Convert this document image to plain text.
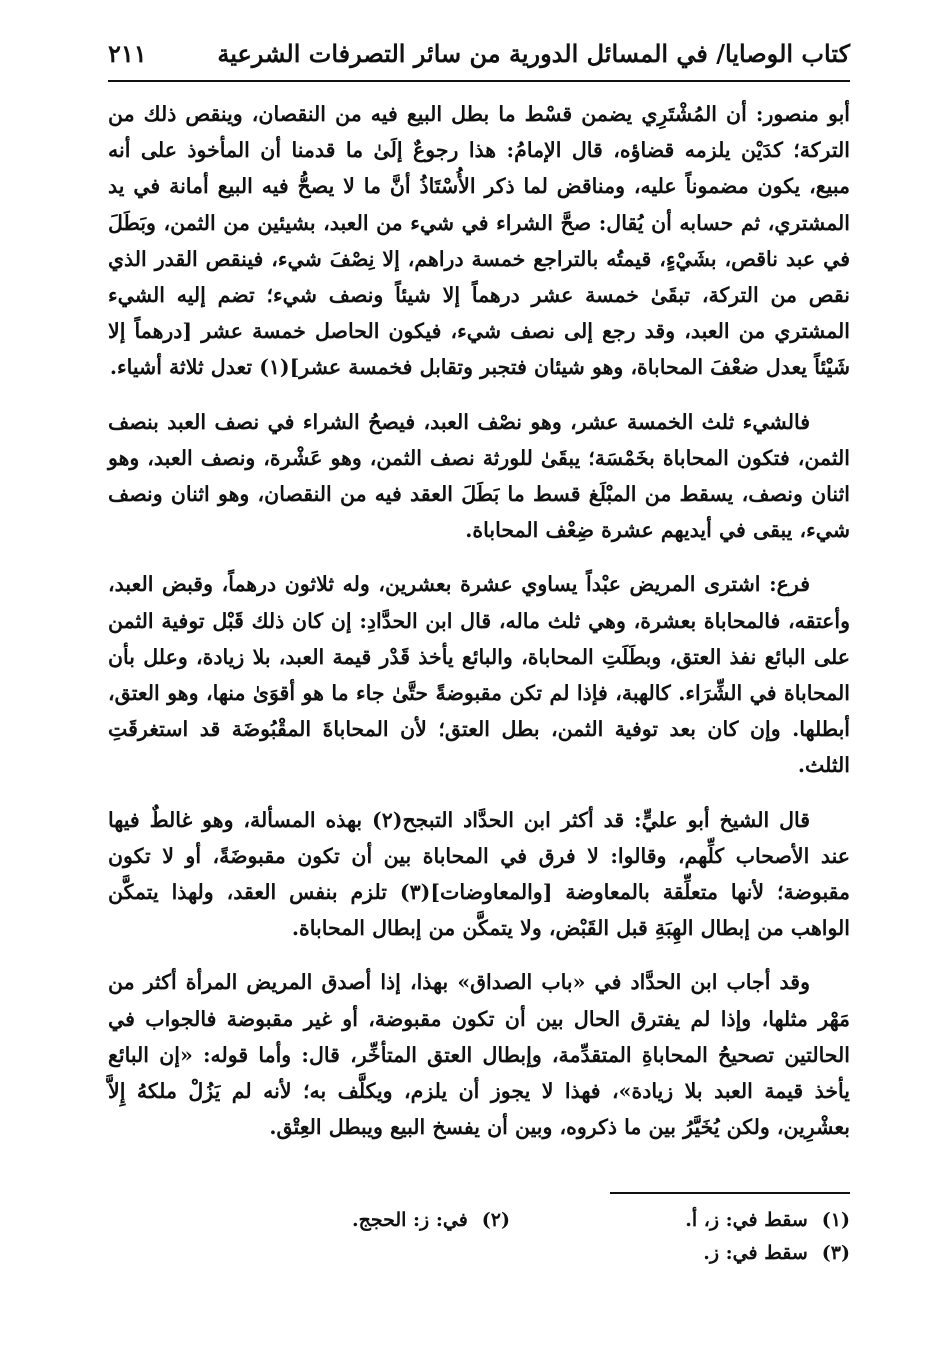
كتاب الوصايا/ في المسائل الدورية من سائر التصرفات الشرعية
٢١١

أبو منصور: أن المُشْتَرِي يضمن قسْط ما بطل البيع فيه من النقصان، وينقص ذلك من التركة؛ كدَيْن يلزمه قضاؤه، قال الإمامُ: هذا رجوعٌ إلَىٰ ما قدمنا أن المأخوذ على أنه مبيع، يكون مضموناً عليه، ومناقض لما ذكر الأُسْتَاذُ أنَّ ما لا يصحُّ فيه البيع أمانة في يد المشتري، ثم حسابه أن يُقال: صحَّ الشراء في شيء من العبد، بشيئين من الثمن، وبَطَلَ في عبد ناقص، بشَيْءٍ، قيمتُه بالتراجع خمسة دراهم، إلا نِصْفَ شيء، فينقص القدر الذي نقص من التركة، تبقَىٰ خمسة عشر درهماً إلا شيئاً ونصف شيء؛ تضم إليه الشيء المشتري من العبد، وقد رجع إلى نصف شيء، فيكون الحاصل خمسة عشر [درهماً إلا شَيْئاً يعدل ضعْفَ المحاباة، وهو شيئان فتجبر وتقابل فخمسة عشر](١) تعدل ثلاثة أشياء.

فالشيء ثلث الخمسة عشر، وهو نصْف العبد، فيصحُ الشراء في نصف العبد بنصف الثمن، فتكون المحاباة بخَمْسَة؛ يبقَىٰ للورثة نصف الثمن، وهو عَشْرة، ونصف العبد، وهو اثنان ونصف، يسقط من المبْلَغ قسط ما بَطَلَ العقد فيه من النقصان، وهو اثنان ونصف شيء، يبقى في أيديهم عشرة ضِعْف المحاباة.

فرع: اشترى المريض عبْداً يساوي عشرة بعشرين، وله ثلاثون درهماً، وقبض العبد، وأعتقه، فالمحاباة بعشرة، وهي ثلث ماله، قال ابن الحدَّادِ: إن كان ذلك قَبْل توفية الثمن على البائع نفذ العتق، وبطَلَتِ المحاباة، والبائع يأخذ قَدْر قيمة العبد، بلا زيادة، وعلل بأن المحاباة في الشِّرَاء. كالهبة، فإذا لم تكن مقبوضةً حتَّىٰ جاء ما هو أقوَىٰ منها، وهو العتق، أبطلها. وإن كان بعد توفية الثمن، بطل العتق؛ لأن المحاباةَ المقْبُوضَة قد استغرقَتِ الثلث.

قال الشيخ أبو عليٍّ: قد أكثر ابن الحدَّاد التبجح(٢) بهذه المسألة، وهو غالطٌ فيها عند الأصحاب كلِّهم، وقالوا: لا فرق في المحاباة بين أن تكون مقبوضَةً، أو لا تكون مقبوضة؛ لأنها متعلِّقة بالمعاوضة [والمعاوضات](٣) تلزم بنفس العقد، ولهذا يتمكَّن الواهب من إبطال الهِبَةِ قبل القَبْض، ولا يتمكَّن من إبطال المحاباة.

وقد أجاب ابن الحدَّاد في «باب الصداق» بهذا، إذا أصدق المريض المرأة أكثر من مَهْر مثلها، وإذا لم يفترق الحال بين أن تكون مقبوضة، أو غير مقبوضة فالجواب في الحالتين تصحيحُ المحاباةِ المتقدِّمة، وإبطال العتق المتأخِّر، قال: وأما قوله: «إن البائع يأخذ قيمة العبد بلا زيادة»، فهذا لا يجوز أن يلزم، ويكلَّف به؛ لأنه لم يَزُلْ ملكهُ إِلاَّ بعشْرِين، ولكن يُخَيَّرُ بين ما ذكروه، وبين أن يفسخ البيع ويبطل العِتْق.

(١)سقط في: ز، أ.
(٢)في: ز: الحجج.
(٣)سقط في: ز.
